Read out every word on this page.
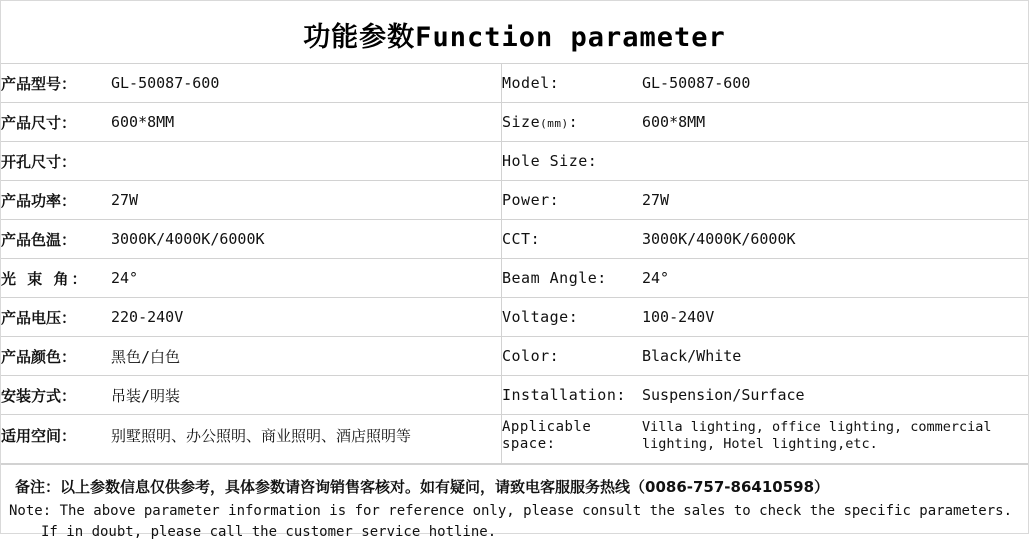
功能参数Function parameter
产品型号：	GL-50087-600	Model:	GL-50087-600
产品尺寸：	600*8MM	Size(mm):	600*8MM
开孔尺寸：		Hole Size:	
产品功率：	27W	Power:	27W
产品色温：	3000K/4000K/6000K	CCT:	3000K/4000K/6000K
光 束 角：	24°	Beam Angle:	24°
产品电压：	220-240V	Voltage:	100-240V
产品颜色：	黑色/白色	Color:	Black/White
安装方式：	吊装/明装	Installation:	Suspension/Surface
适用空间：	别墅照明、办公照明、商业照明、酒店照明等	Applicable space:	Villa lighting, office lighting, commercial lighting, Hotel lighting,etc.
备注：以上参数信息仅供参考，具体参数请咨询销售客核对。如有疑问，请致电客服服务热线（0086-757-86410598）
Note: The above parameter information is for reference only, please consult the sales to check the specific parameters. If in doubt, please call the customer service hotline.
